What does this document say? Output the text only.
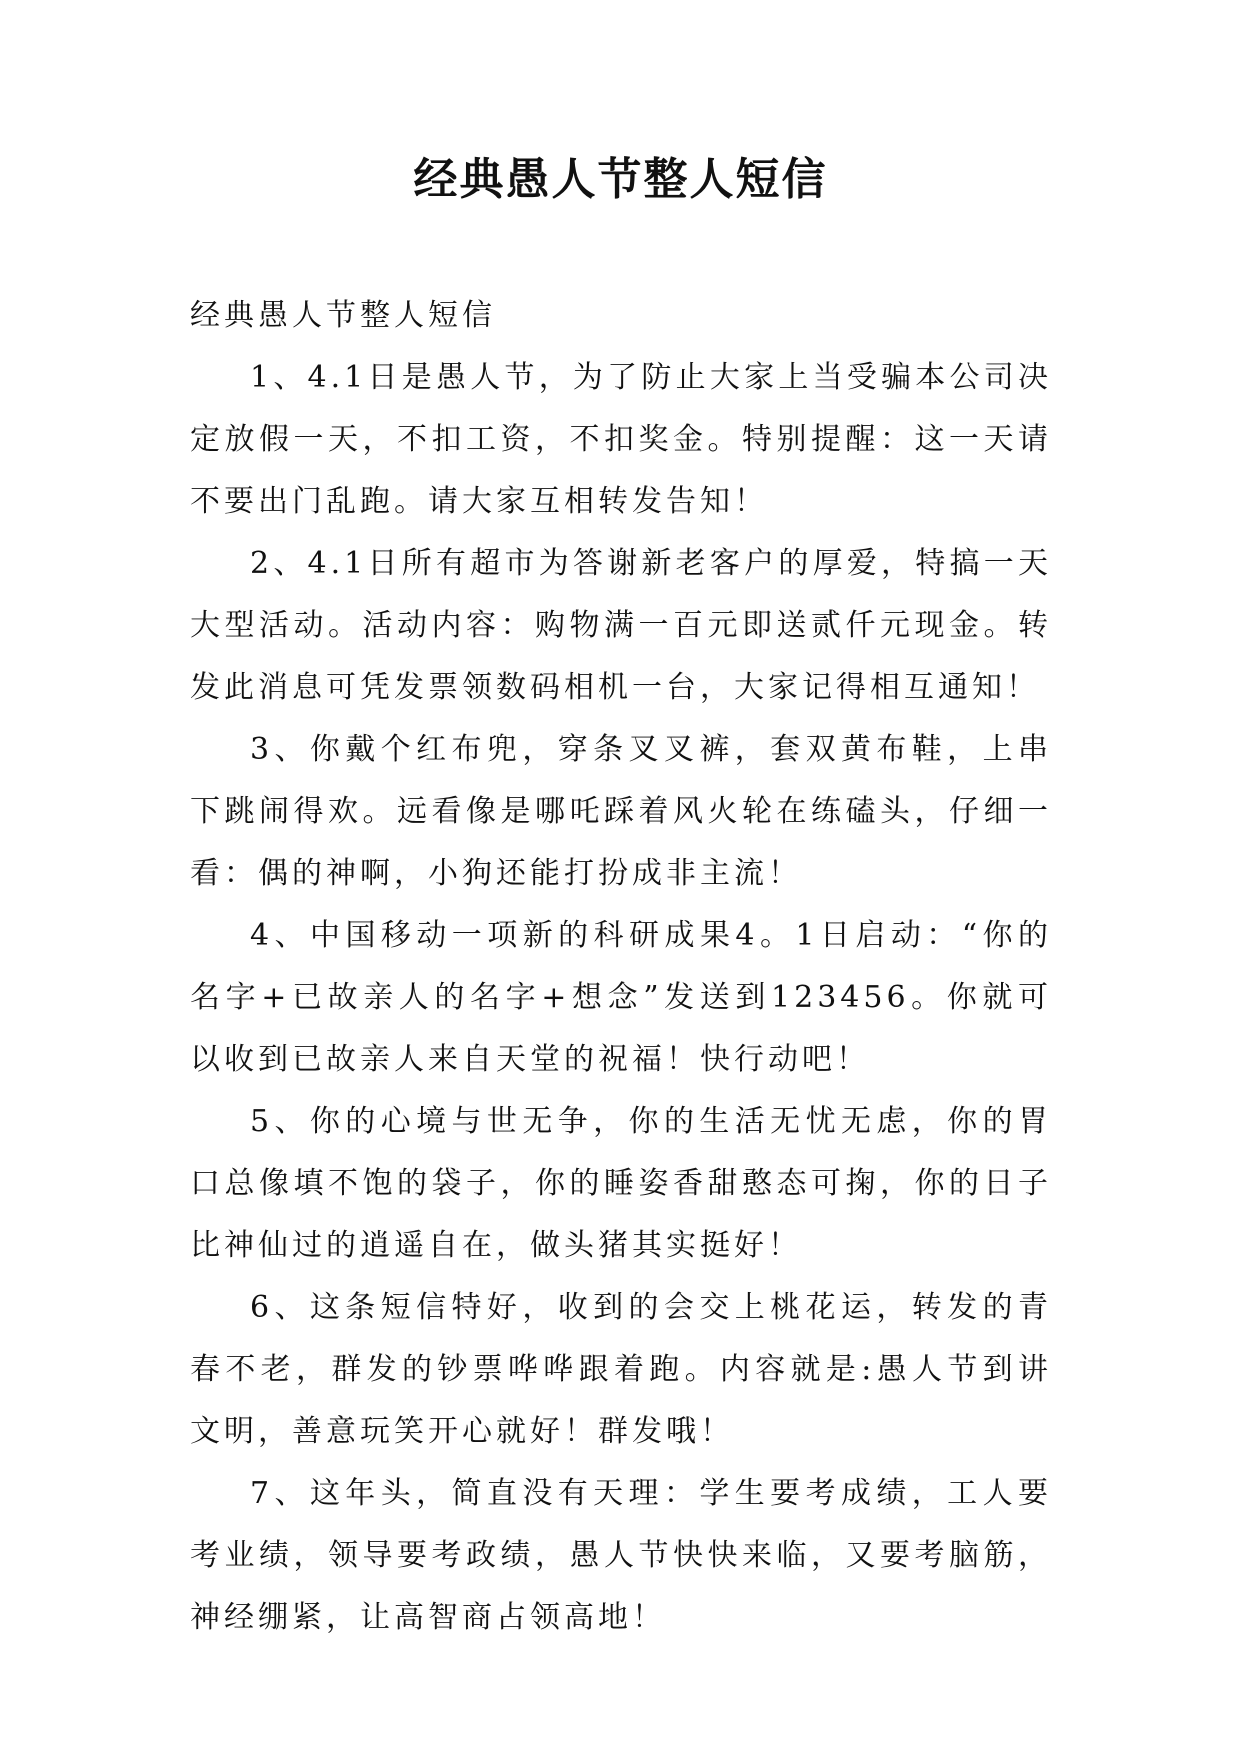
经典愚人节整人短信

经典愚人节整人短信

1、4.1日是愚人节，为了防止大家上当受骗本公司决定放假一天，不扣工资，不扣奖金。特别提醒：这一天请不要出门乱跑。请大家互相转发告知！

2、4.1日所有超市为答谢新老客户的厚爱，特搞一天大型活动。活动内容：购物满一百元即送贰仟元现金。转发此消息可凭发票领数码相机一台，大家记得相互通知！

3、你戴个红布兜，穿条叉叉裤，套双黄布鞋，上串下跳闹得欢。远看像是哪吒踩着风火轮在练磕头，仔细一看：偶的神啊，小狗还能打扮成非主流！

4、中国移动一项新的科研成果4。1日启动：“你的名字+已故亲人的名字+想念”发送到123456。你就可以收到已故亲人来自天堂的祝福！快行动吧！

5、你的心境与世无争，你的生活无忧无虑，你的胃口总像填不饱的袋子，你的睡姿香甜憨态可掬，你的日子比神仙过的逍遥自在，做头猪其实挺好！

6、这条短信特好，收到的会交上桃花运，转发的青春不老，群发的钞票哗哗跟着跑。内容就是:愚人节到讲文明，善意玩笑开心就好！群发哦！

7、这年头，简直没有天理：学生要考成绩，工人要考业绩，领导要考政绩，愚人节快快来临，又要考脑筋，神经绷紧，让高智商占领高地！
